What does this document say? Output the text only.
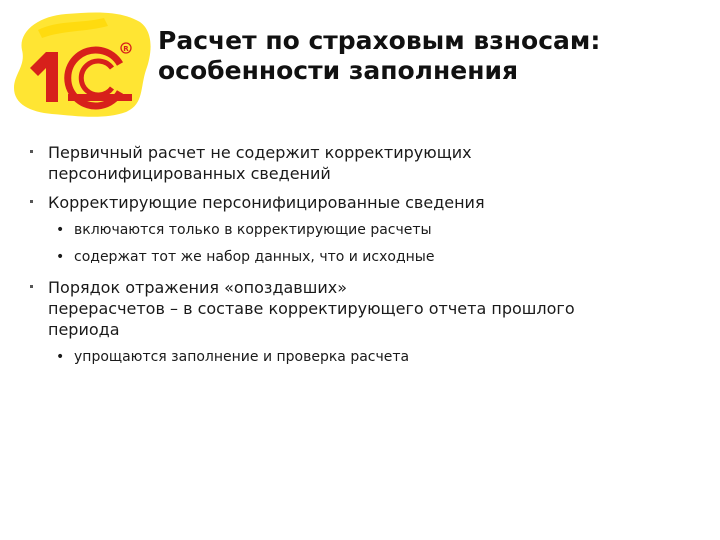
R Расчет по страховым взносам:
особенности заполнения
Первичный расчет не содержит корректирующих
персонифицированных сведений
Корректирующие персонифицированные сведения
• включаются только в корректирующие расчеты
• содержат тот же набор данных, что и исходные
Порядок отражения «опоздавших»
перерасчетов – в составе корректирующего отчета прошлого
периода
• упрощаются заполнение и проверка расчета
